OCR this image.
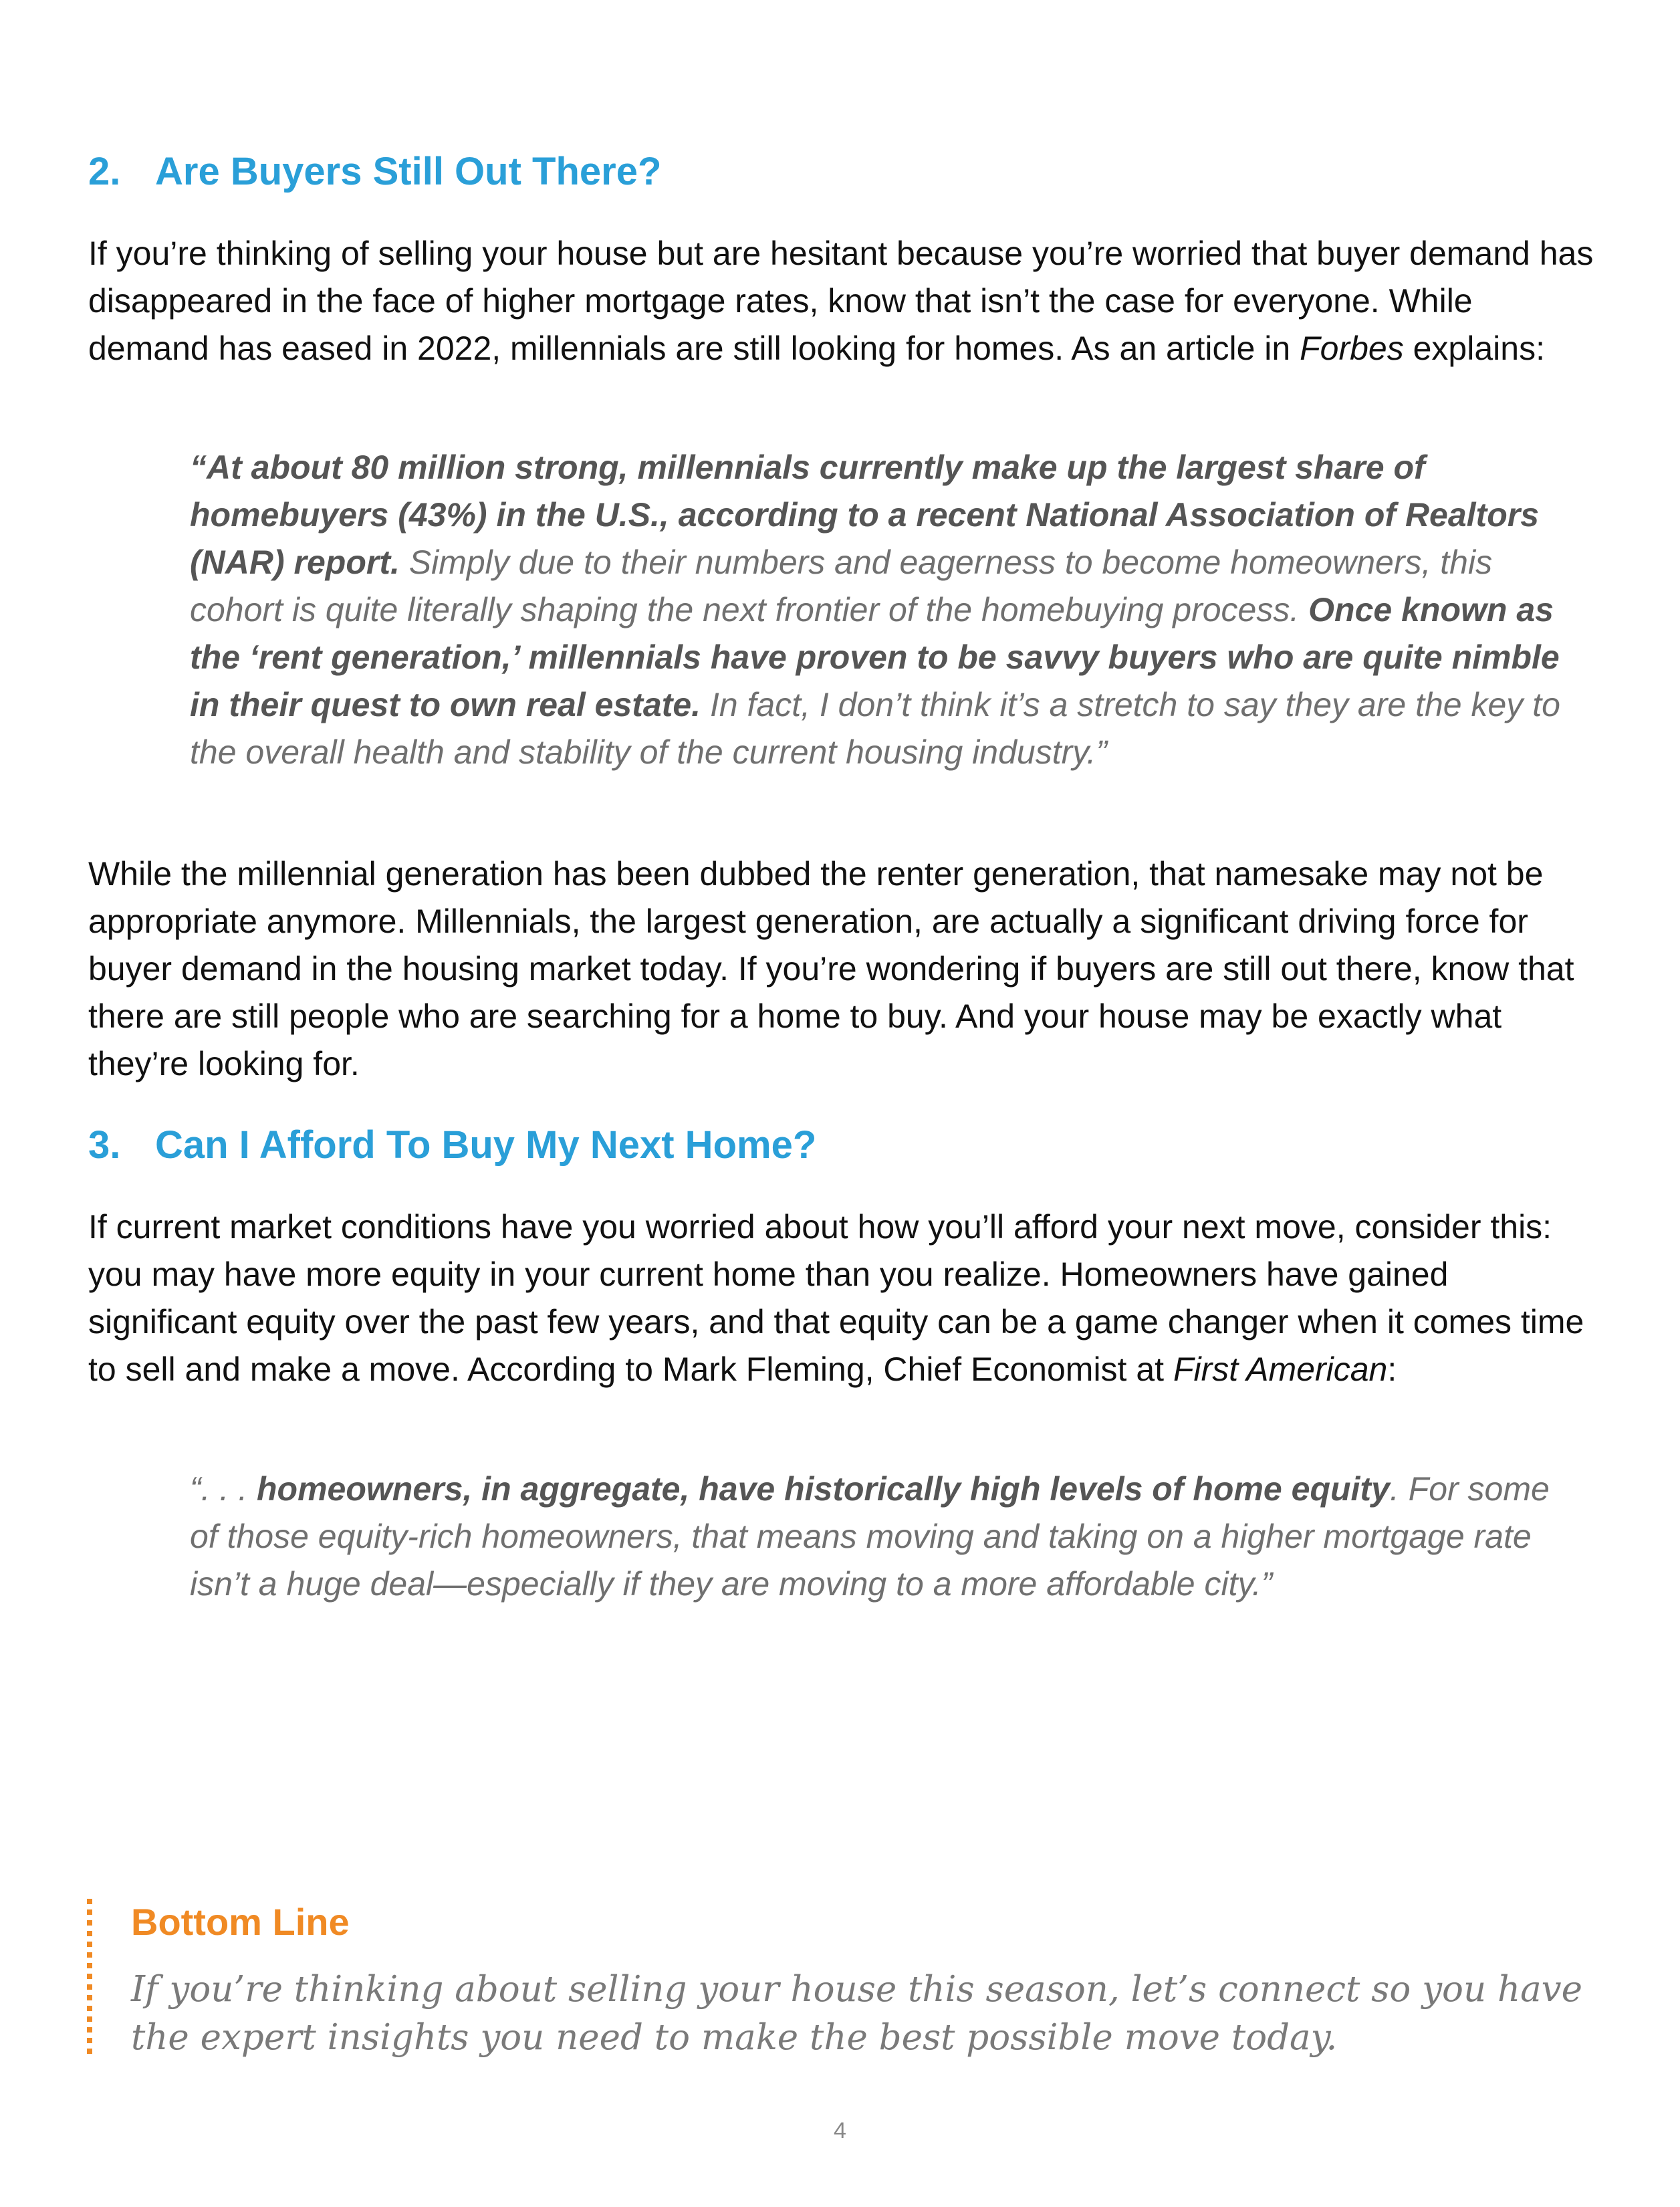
2. Are Buyers Still Out There?

If you’re thinking of selling your house but are hesitant because you’re worried that buyer demand has disappeared in the face of higher mortgage rates, know that isn’t the case for everyone. While demand has eased in 2022, millennials are still looking for homes. As an article in Forbes explains:

“At about 80 million strong, millennials currently make up the largest share of homebuyers (43%) in the U.S., according to a recent National Association of Realtors (NAR) report. Simply due to their numbers and eagerness to become homeowners, this cohort is quite literally shaping the next frontier of the homebuying process. Once known as the ‘rent generation,’ millennials have proven to be savvy buyers who are quite nimble in their quest to own real estate. In fact, I don’t think it’s a stretch to say they are the key to the overall health and stability of the current housing industry.”

While the millennial generation has been dubbed the renter generation, that namesake may not be appropriate anymore. Millennials, the largest generation, are actually a significant driving force for buyer demand in the housing market today. If you’re wondering if buyers are still out there, know that there are still people who are searching for a home to buy. And your house may be exactly what they’re looking for.

3. Can I Afford To Buy My Next Home?

If current market conditions have you worried about how you’ll afford your next move, consider this: you may have more equity in your current home than you realize. Homeowners have gained significant equity over the past few years, and that equity can be a game changer when it comes time to sell and make a move. According to Mark Fleming, Chief Economist at First American:

“. . . homeowners, in aggregate, have historically high levels of home equity. For some of those equity-rich homeowners, that means moving and taking on a higher mortgage rate isn’t a huge deal—especially if they are moving to a more affordable city.”

Bottom Line

If you’re thinking about selling your house this season, let’s connect so you have the expert insights you need to make the best possible move today.

4
